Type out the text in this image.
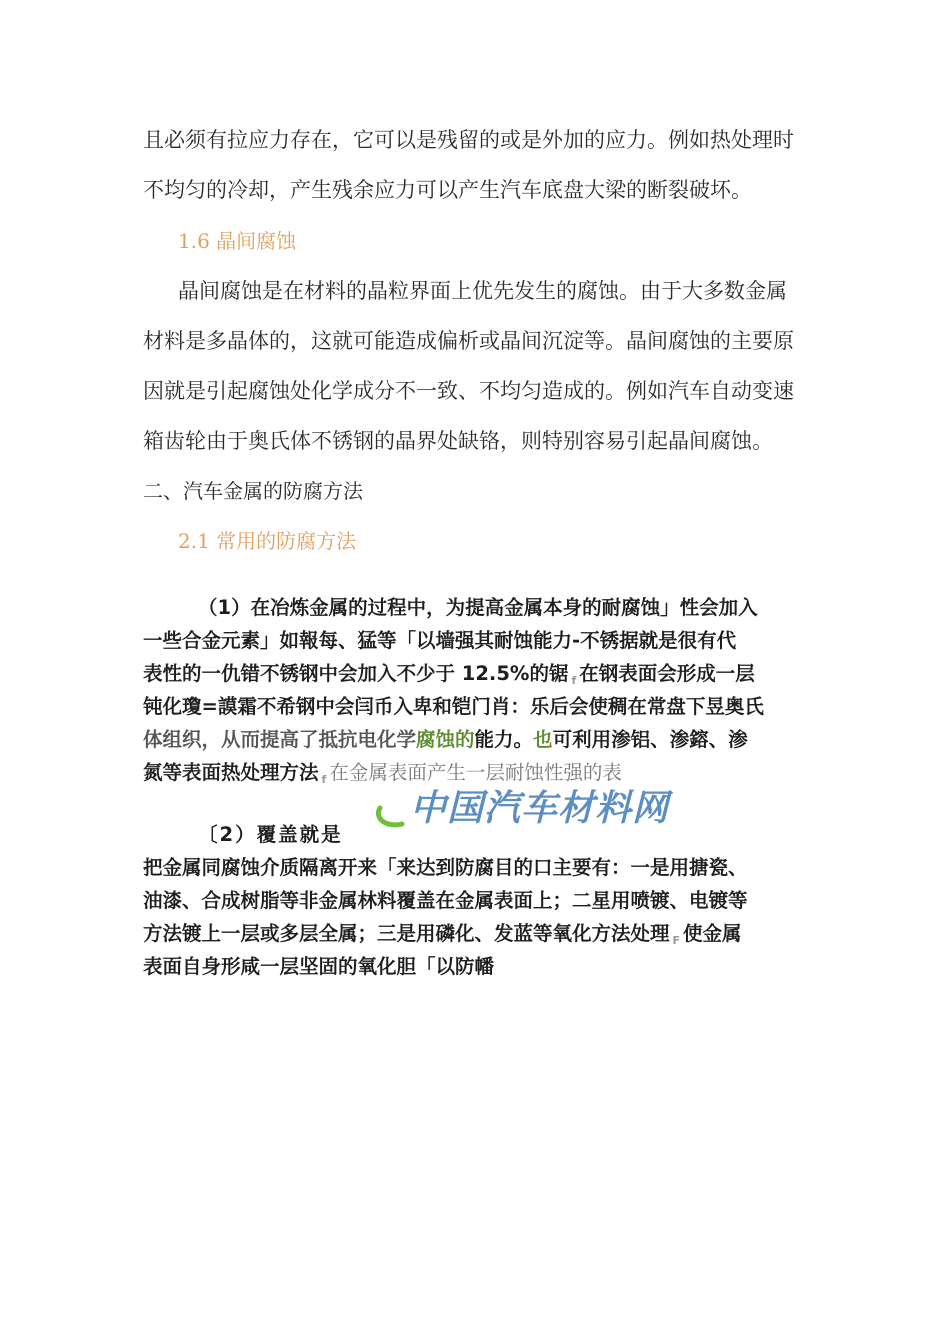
且必须有拉应力存在，它可以是残留的或是外加的应力。例如热处理时
不均匀的冷却，产生残余应力可以产生汽车底盘大梁的断裂破坏。
1.6 晶间腐蚀
晶间腐蚀是在材料的晶粒界面上优先发生的腐蚀。由于大多数金属
材料是多晶体的，这就可能造成偏析或晶间沉淀等。晶间腐蚀的主要原
因就是引起腐蚀处化学成分不一致、不均匀造成的。例如汽车自动变速
箱齿轮由于奥氏体不锈钢的晶界处缺铬，则特别容易引起晶间腐蚀。
二、汽车金属的防腐方法
2.1 常用的防腐方法
（1）在冶炼金属的过程中，为提高金属本身的耐腐蚀」性会加入
一些合金元素」如報每、猛等「以墙强其耐蚀能力-不锈据就是很有代
表性的一仇错不锈钢中会加入不少于 12.5%的锯 $_f$ 在钢表面会形成一层
钝化瓊=謨霜不希钢中会闫币入卑和铠门肖：乐后会使稠在常盘下昱奥氏
体组织，从而提高了抵抗电化学腐蚀的能力。也可利用渗铝、渗鎔、渗
氮等表面热处理方法 $_f$ 在金属表面产生一层耐蚀性强的表
中国汽车材料网
〔2）覆盖就是
把金属同腐蚀介质隔离开来「来达到防腐目的口主要有：一是用搪瓷、
油漆、合成树脂等非金属林料覆盖在金属表面上；二星用喷镀、电镀等
方法镀上一层或多层全属；三是用磷化、发蓝等氧化方法处理 $_F$ 使金属
表面自身形咸一层坚固的氧化胆「以防幡
